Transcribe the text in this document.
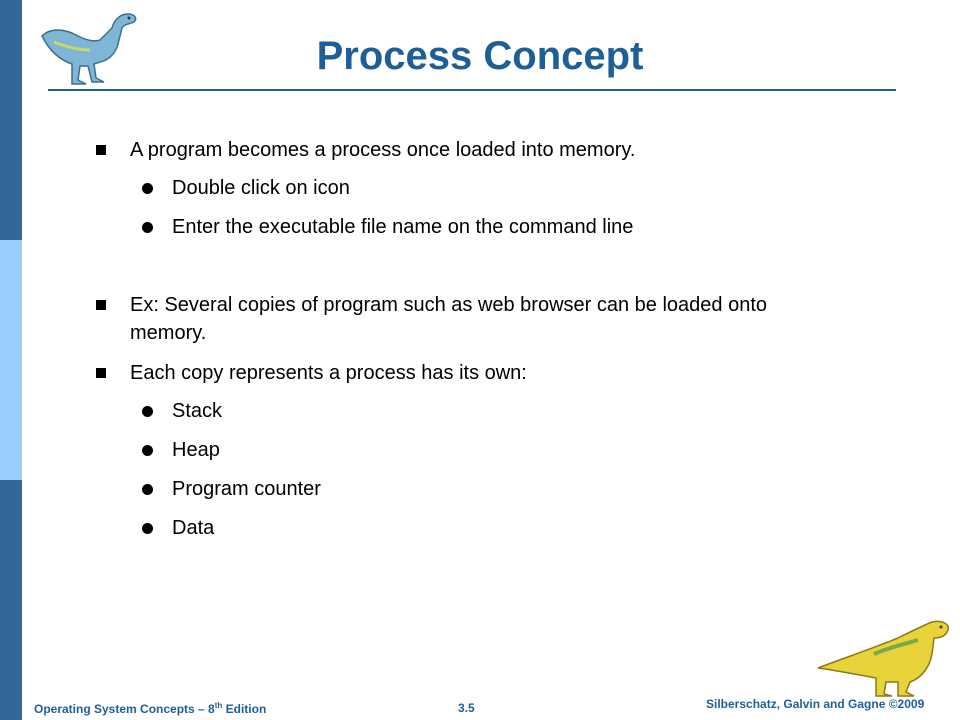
Process Concept
A program becomes a process once loaded into memory.
Double click on icon
Enter the executable file name on the command line
Ex: Several copies of program such as web browser can be loaded onto
memory.
Each copy represents a process has its own:
Stack
Heap
Program counter
Data
Operating System Concepts – 8th Edition	3.5	Silberschatz, Galvin and Gagne ©2009
